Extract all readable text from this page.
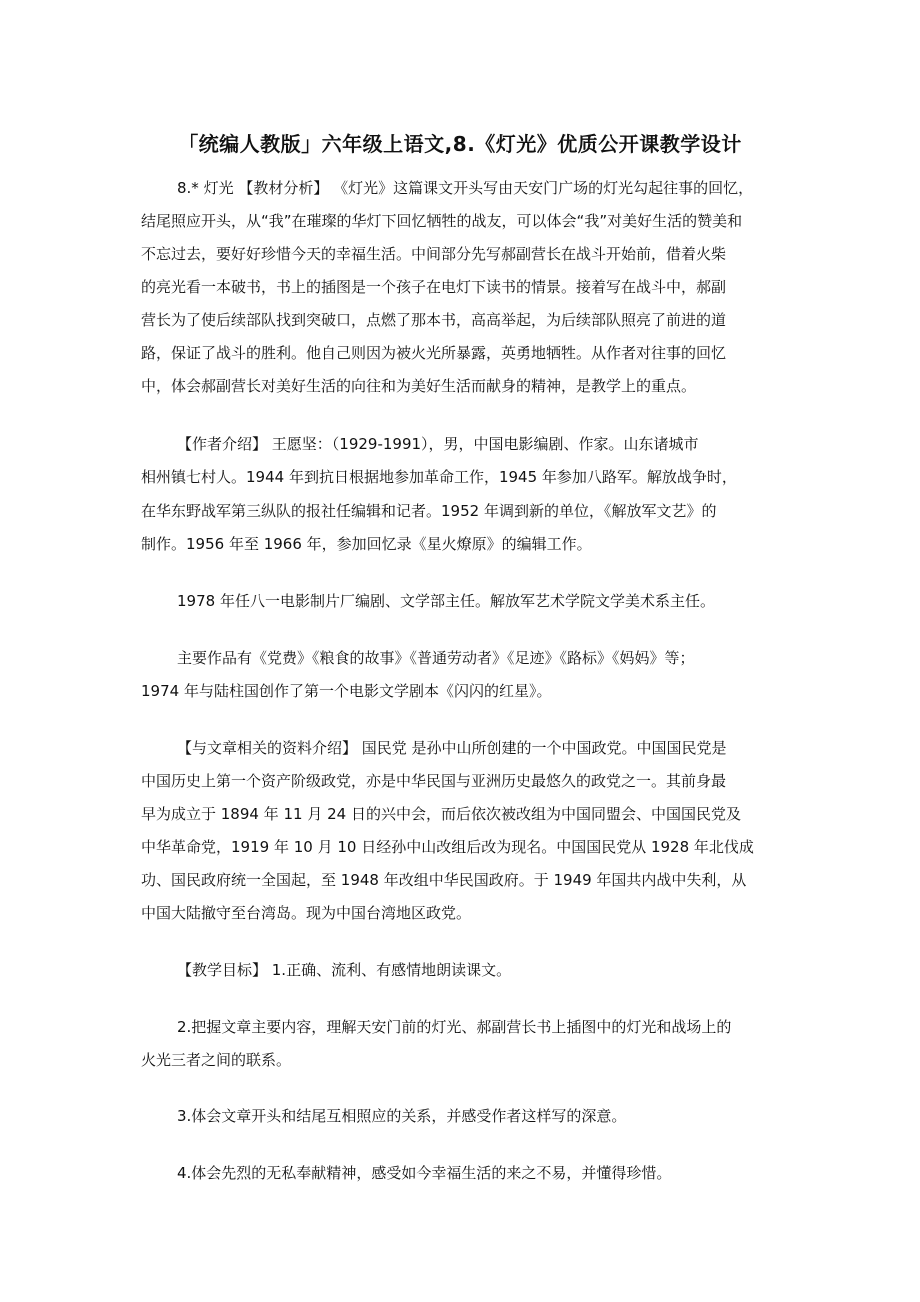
「统编人教版」六年级上语文,8.《灯光》优质公开课教学设计
8.* 灯光 【教材分析】 《灯光》这篇课文开头写由天安门广场的灯光勾起往事的回忆，
结尾照应开头，从“我”在璀璨的华灯下回忆牺牲的战友，可以体会“我”对美好生活的赞美和
不忘过去，要好好珍惜今天的幸福生活。中间部分先写郝副营长在战斗开始前，借着火柴
的亮光看一本破书，书上的插图是一个孩子在电灯下读书的情景。接着写在战斗中，郝副
营长为了使后续部队找到突破口，点燃了那本书，高高举起，为后续部队照亮了前进的道
路，保证了战斗的胜利。他自己则因为被火光所暴露，英勇地牺牲。从作者对往事的回忆
中，体会郝副营长对美好生活的向往和为美好生活而献身的精神，是教学上的重点。
【作者介绍】 王愿坚：（1929-1991），男，中国电影编剧、作家。山东诸城市
相州镇七村人。1944 年到抗日根据地参加革命工作，1945 年参加八路军。解放战争时，
在华东野战军第三纵队的报社任编辑和记者。1952 年调到新的单位，《解放军文艺》的
制作。1956 年至 1966 年，参加回忆录《星火燎原》的编辑工作。
1978 年任八一电影制片厂编剧、文学部主任。解放军艺术学院文学美术系主任。
主要作品有《党费》《粮食的故事》《普通劳动者》《足迹》《路标》《妈妈》等；
1974 年与陆柱国创作了第一个电影文学剧本《闪闪的红星》。
【与文章相关的资料介绍】 国民党 是孙中山所创建的一个中国政党。中国国民党是
中国历史上第一个资产阶级政党，亦是中华民国与亚洲历史最悠久的政党之一。其前身最
早为成立于 1894 年 11 月 24 日的兴中会，而后依次被改组为中国同盟会、中国国民党及
中华革命党，1919 年 10 月 10 日经孙中山改组后改为现名。中国国民党从 1928 年北伐成
功、国民政府统一全国起，至 1948 年改组中华民国政府。于 1949 年国共内战中失利，从
中国大陆撤守至台湾岛。现为中国台湾地区政党。
【教学目标】 1.正确、流利、有感情地朗读课文。
2.把握文章主要内容，理解天安门前的灯光、郝副营长书上插图中的灯光和战场上的
火光三者之间的联系。
3.体会文章开头和结尾互相照应的关系，并感受作者这样写的深意。
4.体会先烈的无私奉献精神，感受如今幸福生活的来之不易，并懂得珍惜。
